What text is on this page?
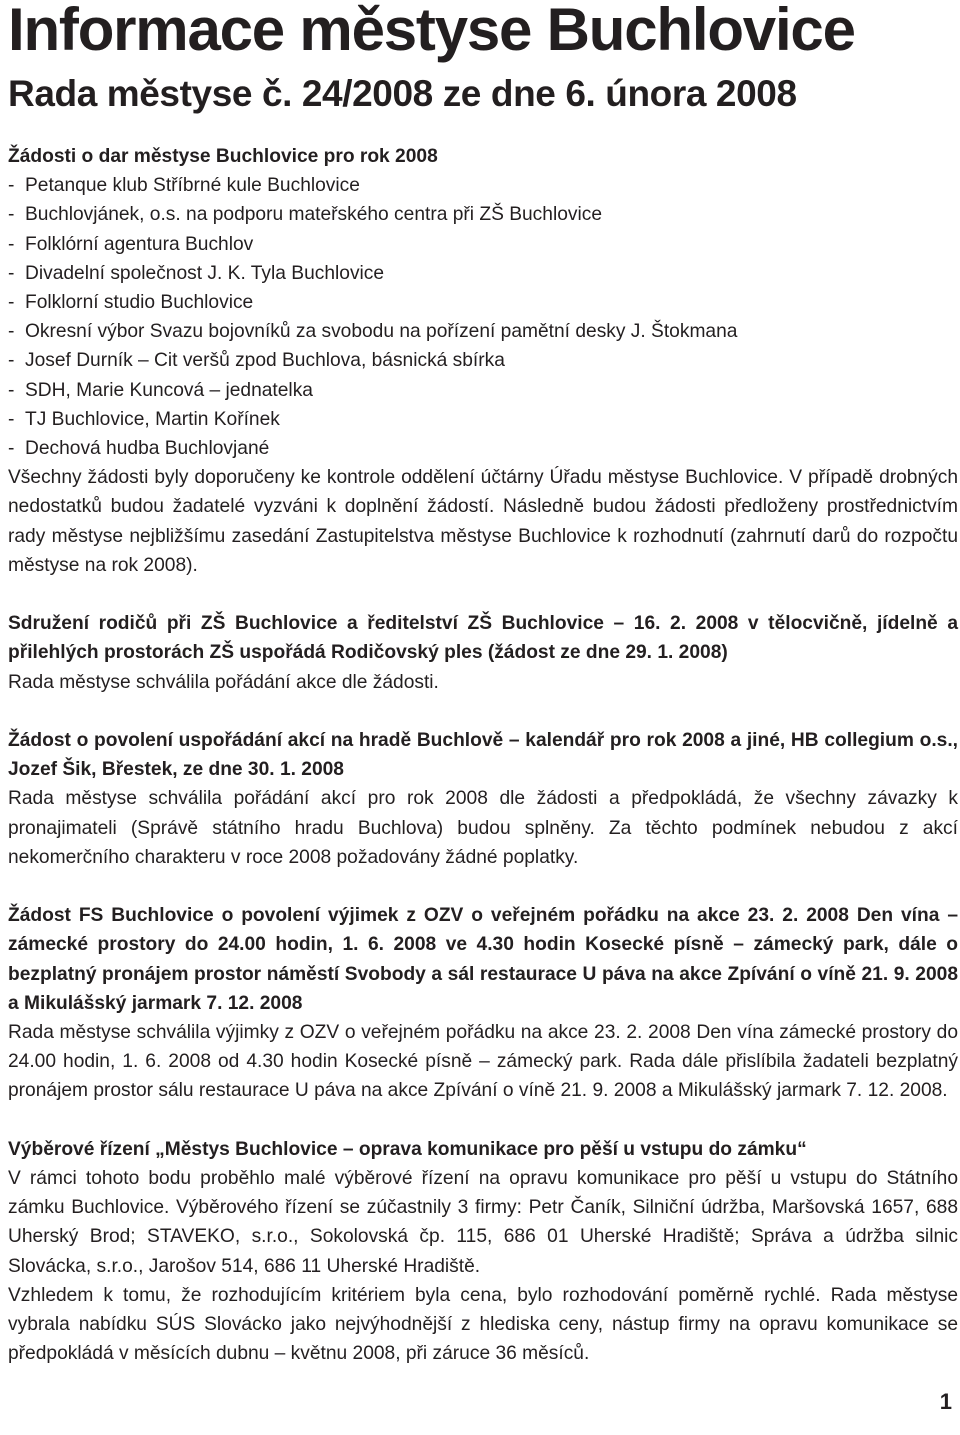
Informace městyse Buchlovice
Rada městyse č. 24/2008 ze dne 6. února 2008
Žádosti o dar městyse Buchlovice pro rok 2008
- Petanque klub Stříbrné kule Buchlovice
- Buchlovjánek, o.s. na podporu mateřského centra při ZŠ Buchlovice
- Folklórní agentura Buchlov
- Divadelní společnost J. K. Tyla Buchlovice
- Folklorní studio Buchlovice
- Okresní výbor Svazu bojovníků za svobodu na pořízení pamětní desky J. Štokmana
- Josef Durník – Cit veršů zpod Buchlova, básnická sbírka
- SDH, Marie Kuncová – jednatelka
- TJ Buchlovice, Martin Kořínek
- Dechová hudba Buchlovjané

Všechny žádosti byly doporučeny ke kontrole oddělení účtárny Úřadu městyse Buchlovice. V případě drobných nedostatků budou žadatelé vyzváni k doplnění žádostí. Následně budou žádosti předloženy prostřednictvím rady městyse nejbližšímu zasedání Zastupitelstva městyse Buchlovice k rozhodnutí (zahrnutí darů do rozpočtu městyse na rok 2008).

Sdružení rodičů při ZŠ Buchlovice a ředitelství ZŠ Buchlovice – 16. 2. 2008 v tělocvičně, jídelně a přilehlých prostorách ZŠ uspořádá Rodičovský ples (žádost ze dne 29. 1. 2008)

Rada městyse schválila pořádání akce dle žádosti.

Žádost o povolení uspořádání akcí na hradě Buchlově – kalendář pro rok 2008 a jiné, HB collegium o.s., Jozef Šik, Břestek, ze dne 30. 1. 2008

Rada městyse schválila pořádání akcí pro rok 2008 dle žádosti a předpokládá, že všechny závazky k pronajimateli (Správě státního hradu Buchlova) budou splněny. Za těchto podmínek nebudou z akcí nekomerčního charakteru v roce 2008 požadovány žádné poplatky.

Žádost FS Buchlovice o povolení výjimek z OZV o veřejném pořádku na akce 23. 2. 2008 Den vína – zámecké prostory do 24.00 hodin, 1. 6. 2008 ve 4.30 hodin Kosecké písně – zámecký park, dále o bezplatný pronájem prostor náměstí Svobody a sál restaurace U páva na akce Zpívání o víně 21. 9. 2008 a Mikulášský jarmark 7. 12. 2008

Rada městyse schválila výjimky z OZV o veřejném pořádku na akce 23. 2. 2008 Den vína zámecké prostory do 24.00 hodin, 1. 6. 2008 od 4.30 hodin Kosecké písně – zámecký park. Rada dále přislíbila žadateli bezplatný pronájem prostor sálu restaurace U páva na akce Zpívání o víně 21. 9. 2008 a Mikulášský jarmark 7. 12. 2008.

Výběrové řízení „Městys Buchlovice – oprava komunikace pro pěší u vstupu do zámku“

V rámci tohoto bodu proběhlo malé výběrové řízení na opravu komunikace pro pěší u vstupu do Státního zámku Buchlovice. Výběrového řízení se zúčastnily 3 firmy: Petr Čaník, Silniční údržba, Maršovská 1657, 688 Uherský Brod; STAVEKO, s.r.o., Sokolovská čp. 115, 686 01 Uherské Hradiště; Správa a údržba silnic Slovácka, s.r.o., Jarošov 514, 686 11 Uherské Hradiště.

Vzhledem k tomu, že rozhodujícím kritériem byla cena, bylo rozhodování poměrně rychlé. Rada městyse vybrala nabídku SÚS Slovácko jako nejvýhodnější z hlediska ceny, nástup firmy na opravu komunikace se předpokládá v měsících dubnu – květnu 2008, při záruce 36 měsíců.

1
